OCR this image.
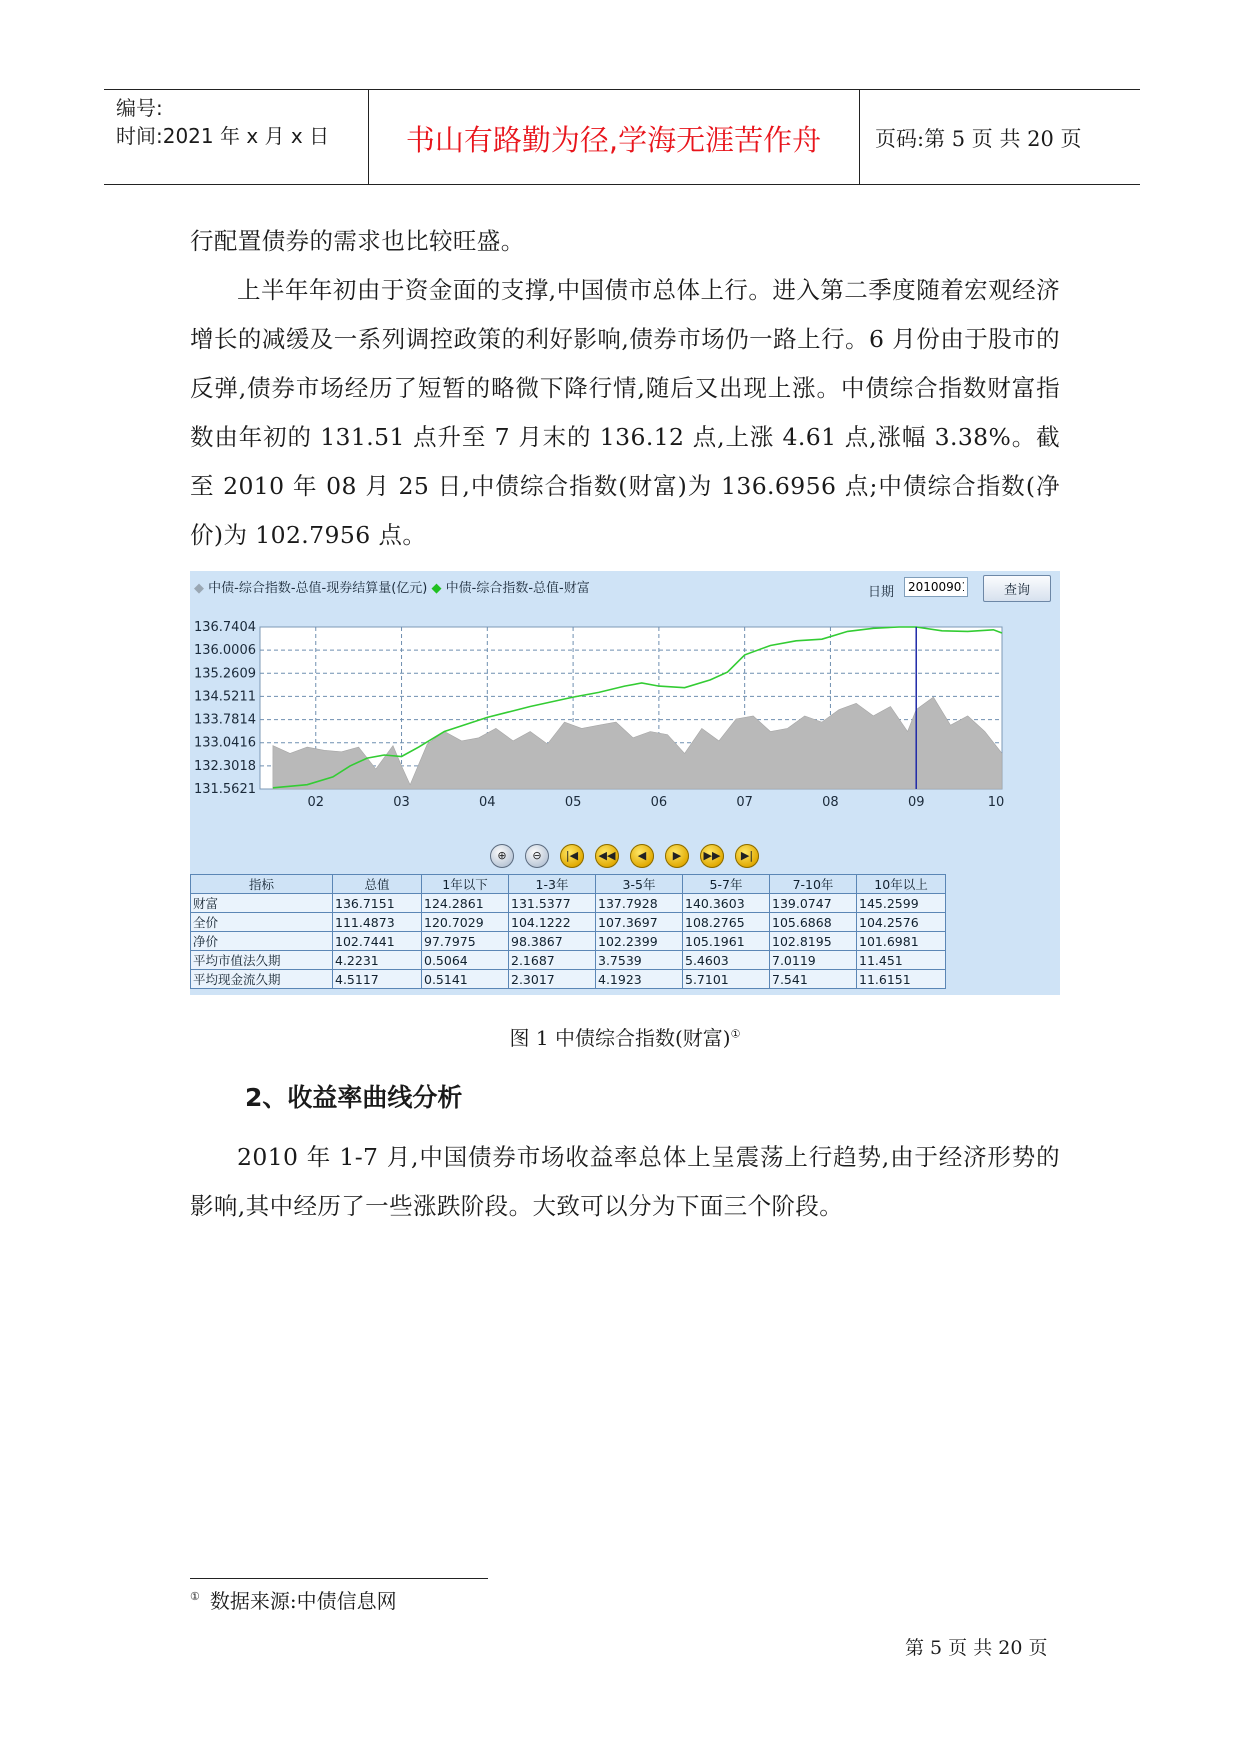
编号:
时间:2021 年 x 月 x 日	书山有路勤为径,学海无涯苦作舟	页码:第 5 页 共 20 页
行配置债券的需求也比较旺盛。
上半年年初由于资金面的支撑,中国债市总体上行。进入第二季度随着宏观经济增长的减缓及一系列调控政策的利好影响,债券市场仍一路上行。6 月份由于股市的反弹,债券市场经历了短暂的略微下降行情,随后又出现上涨。中债综合指数财富指数由年初的 131.51 点升至 7 月末的 136.12 点,上涨 4.61 点,涨幅 3.38%。截至 2010 年 08 月 25 日,中债综合指数(财富)为 136.6956 点;中债综合指数(净价)为 102.7956 点。
◆ 中债-综合指数-总值-现券结算量(亿元) ◆ 中债-综合指数-总值-财富	日期
20100901	查询
136.7404
136.0006
135.2609
134.5211
133.7814
133.0416
132.3018
131.5621
02	03	04	05	06	07	08	09	10
⊕	⊖	|◀	◀◀	◀	▶	▶▶	▶|
指标	总值	1年以下	1-3年	3-5年	5-7年	7-10年	10年以上
财富	136.7151	124.2861	131.5377	137.7928	140.3603	139.0747	145.2599
全价	111.4873	120.7029	104.1222	107.3697	108.2765	105.6868	104.2576
净价	102.7441	97.7975	98.3867	102.2399	105.1961	102.8195	101.6981
平均市值法久期	4.2231	0.5064	2.1687	3.7539	5.4603	7.0119	11.451
平均现金流久期	4.5117	0.5141	2.3017	4.1923	5.7101	7.541	11.6151
图 1 中债综合指数(财富)①
2、收益率曲线分析
2010 年 1-7 月,中国债券市场收益率总体上呈震荡上行趋势,由于经济形势的影响,其中经历了一些涨跌阶段。大致可以分为下面三个阶段。
① 数据来源:中债信息网
第 5 页 共 20 页
